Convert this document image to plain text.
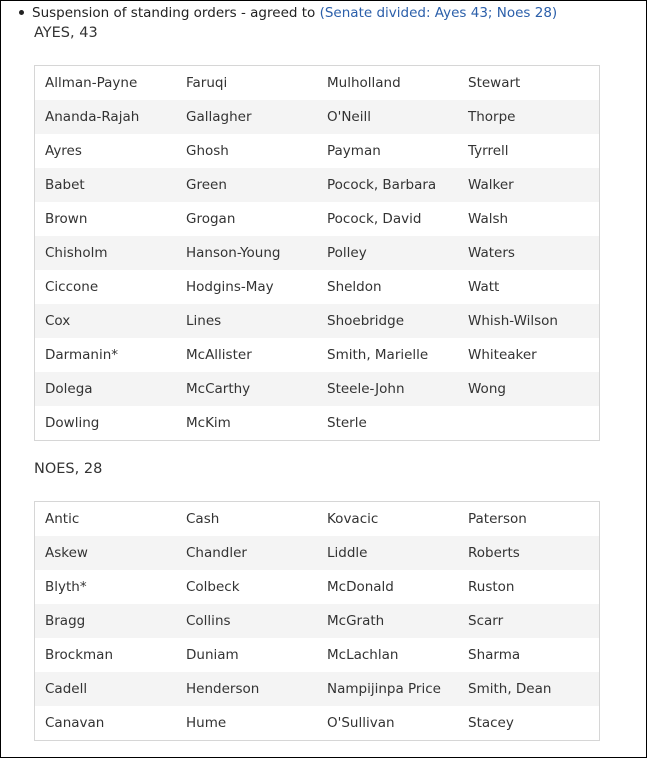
Suspension of standing orders - agreed to (Senate divided: Ayes 43; Noes 28)
AYES, 43
Allman-Payne	Faruqi	Mulholland	Stewart
Ananda-Rajah	Gallagher	O'Neill	Thorpe
Ayres	Ghosh	Payman	Tyrrell
Babet	Green	Pocock, Barbara	Walker
Brown	Grogan	Pocock, David	Walsh
Chisholm	Hanson-Young	Polley	Waters
Ciccone	Hodgins-May	Sheldon	Watt
Cox	Lines	Shoebridge	Whish-Wilson
Darmanin*	McAllister	Smith, Marielle	Whiteaker
Dolega	McCarthy	Steele-John	Wong
Dowling	McKim	Sterle	
NOES, 28
Antic	Cash	Kovacic	Paterson
Askew	Chandler	Liddle	Roberts
Blyth*	Colbeck	McDonald	Ruston
Bragg	Collins	McGrath	Scarr
Brockman	Duniam	McLachlan	Sharma
Cadell	Henderson	Nampijinpa Price	Smith, Dean
Canavan	Hume	O'Sullivan	Stacey
